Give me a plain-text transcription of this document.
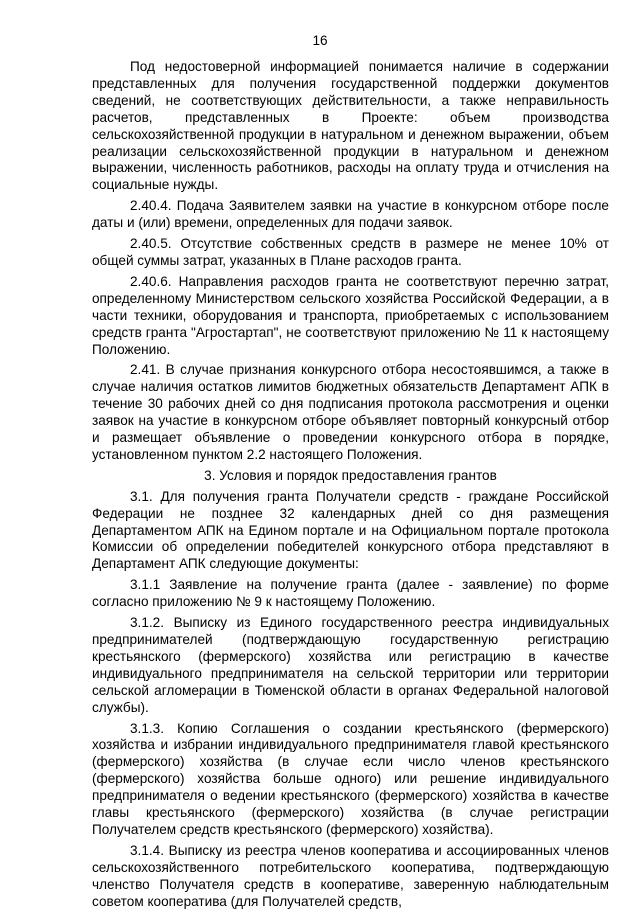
16

Под недостоверной информацией понимается наличие в содержании представленных для получения государственной поддержки документов сведений, не соответствующих действительности, а также неправильность расчетов, представленных в Проекте: объем производства сельскохозяйственной продукции в натуральном и денежном выражении, объем реализации сельскохозяйственной продукции в натуральном и денежном выражении, численность работников, расходы на оплату труда и отчисления на социальные нужды.

2.40.4. Подача Заявителем заявки на участие в конкурсном отборе после даты и (или) времени, определенных для подачи заявок.

2.40.5. Отсутствие собственных средств в размере не менее 10% от общей суммы затрат, указанных в Плане расходов гранта.

2.40.6. Направления расходов гранта не соответствуют перечню затрат, определенному Министерством сельского хозяйства Российской Федерации, а в части техники, оборудования и транспорта, приобретаемых с использованием средств гранта "Агростартап", не соответствуют приложению № 11 к настоящему Положению.

2.41. В случае признания конкурсного отбора несостоявшимся, а также в случае наличия остатков лимитов бюджетных обязательств Департамент АПК в течение 30 рабочих дней со дня подписания протокола рассмотрения и оценки заявок на участие в конкурсном отборе объявляет повторный конкурсный отбор и размещает объявление о проведении конкурсного отбора в порядке, установленном пунктом 2.2 настоящего Положения.

3. Условия и порядок предоставления грантов

3.1. Для получения гранта Получатели средств - граждане Российской Федерации не позднее 32 календарных дней со дня размещения Департаментом АПК на Едином портале и на Официальном портале протокола Комиссии об определении победителей конкурсного отбора представляют в Департамент АПК следующие документы:

3.1.1 Заявление на получение гранта (далее - заявление) по форме согласно приложению № 9 к настоящему Положению.

3.1.2. Выписку из Единого государственного реестра индивидуальных предпринимателей (подтверждающую государственную регистрацию крестьянского (фермерского) хозяйства или регистрацию в качестве индивидуального предпринимателя на сельской территории или территории сельской агломерации в Тюменской области в органах Федеральной налоговой службы).

3.1.3. Копию Соглашения о создании крестьянского (фермерского) хозяйства и избрании индивидуального предпринимателя главой крестьянского (фермерского) хозяйства (в случае если число членов крестьянского (фермерского) хозяйства больше одного) или решение индивидуального предпринимателя о ведении крестьянского (фермерского) хозяйства в качестве главы крестьянского (фермерского) хозяйства (в случае регистрации Получателем средств крестьянского (фермерского) хозяйства).

3.1.4. Выписку из реестра членов кооператива и ассоциированных членов сельскохозяйственного потребительского кооператива, подтверждающую членство Получателя средств в кооперативе, заверенную наблюдательным советом кооператива (для Получателей средств,
